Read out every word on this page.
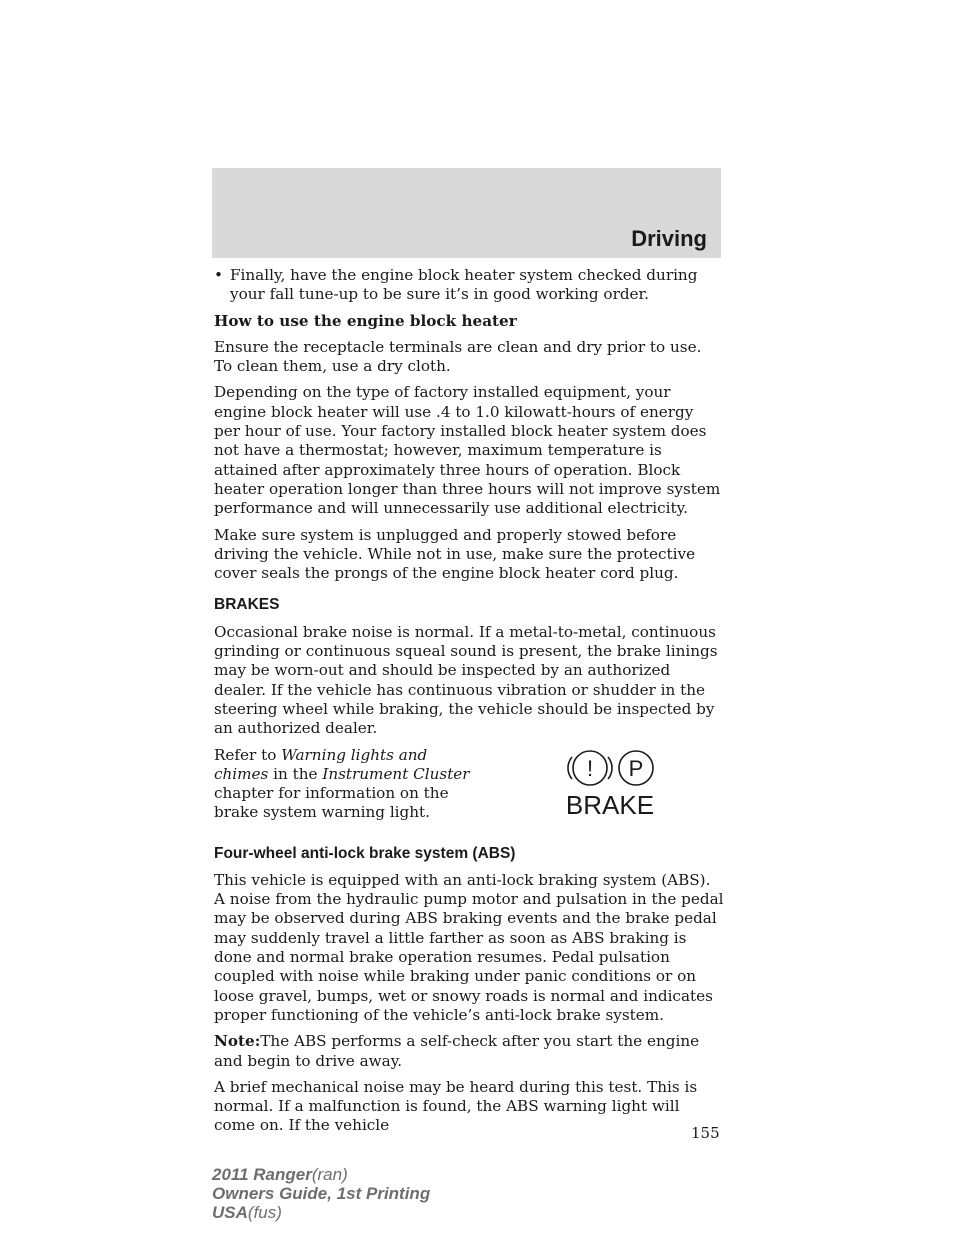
Driving
• Finally, have the engine block heater system checked during your fall tune-up to be sure it’s in good working order.

How to use the engine block heater

Ensure the receptacle terminals are clean and dry prior to use. To clean them, use a dry cloth.

Depending on the type of factory installed equipment, your engine block heater will use .4 to 1.0 kilowatt-hours of energy per hour of use. Your factory installed block heater system does not have a thermostat; however, maximum temperature is attained after approximately three hours of operation. Block heater operation longer than three hours will not improve system performance and will unnecessarily use additional electricity.

Make sure system is unplugged and properly stowed before driving the vehicle. While not in use, make sure the protective cover seals the prongs of the engine block heater cord plug.

BRAKES

Occasional brake noise is normal. If a metal-to-metal, continuous grinding or continuous squeal sound is present, the brake linings may be worn-out and should be inspected by an authorized dealer. If the vehicle has continuous vibration or shudder in the steering wheel while braking, the vehicle should be inspected by an authorized dealer.

Refer to Warning lights and chimes in the Instrument Cluster chapter for information on the brake system warning light.
! P
BRAKE
Four-wheel anti-lock brake system (ABS)

This vehicle is equipped with an anti-lock braking system (ABS). A noise from the hydraulic pump motor and pulsation in the pedal may be observed during ABS braking events and the brake pedal may suddenly travel a little farther as soon as ABS braking is done and normal brake operation resumes. Pedal pulsation coupled with noise while braking under panic conditions or on loose gravel, bumps, wet or snowy roads is normal and indicates proper functioning of the vehicle’s anti-lock brake system.

Note:The ABS performs a self-check after you start the engine and begin to drive away.

A brief mechanical noise may be heard during this test. This is normal. If a malfunction is found, the ABS warning light will come on. If the vehicle	155
2011 Ranger(ran)
Owners Guide, 1st Printing
USA(fus)
